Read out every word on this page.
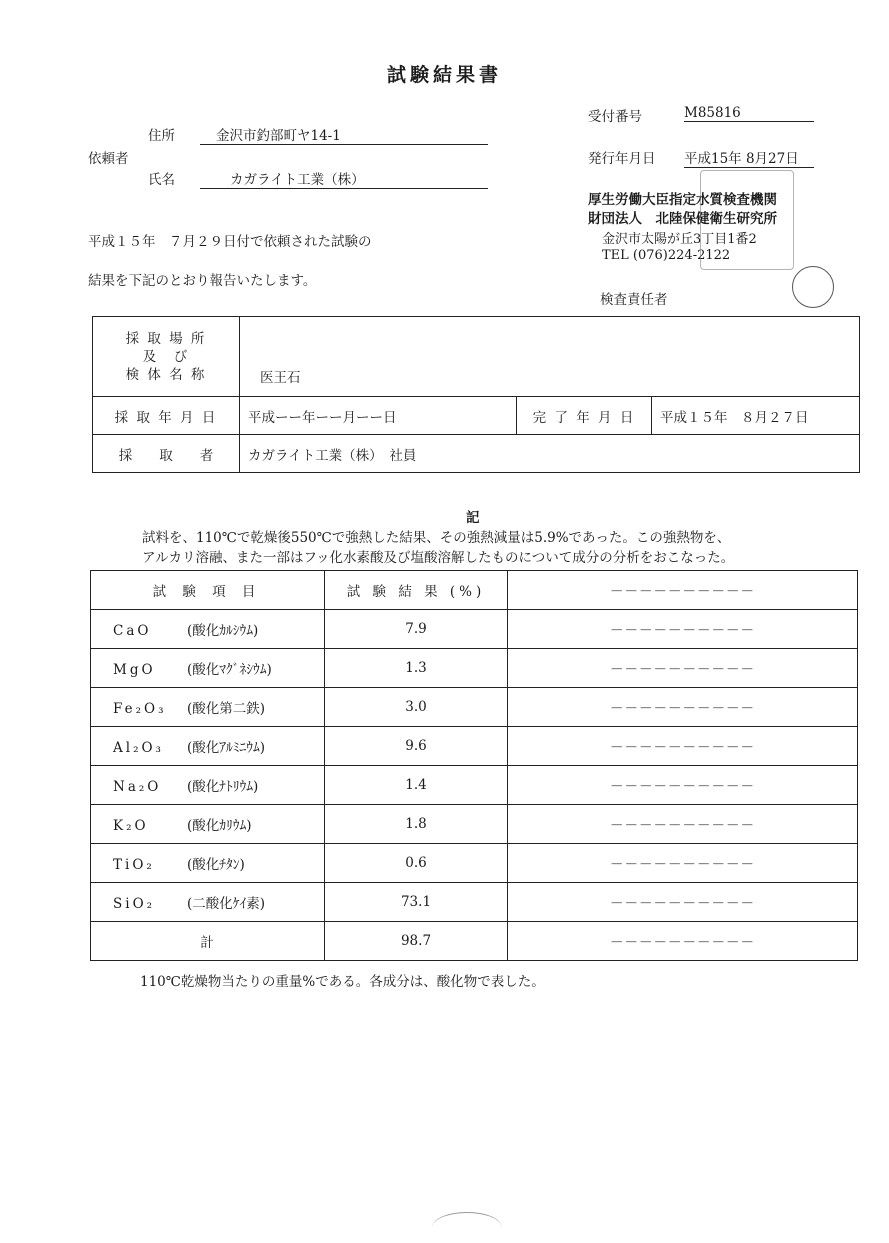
試験結果書
住所	金沢市釣部町ヤ14-1
依頼者
氏名	カガライト工業（株）
受付番号	M85816
発行年月日 平成15年 8月27日
厚生労働大臣指定水質検査機関
財団法人　北陸保健衛生研究所
金沢市太陽が丘3丁目1番2
TEL (076)224-2122
検査責任者
平成１５年　７月２９日付で依頼された試験の
結果を下記のとおり報告いたします。
採 取 場 所
及　び
検 体 名 称	医王石		
採 取 年 月 日	平成ーー年ーー月ーー日	完 了 年 月 日	平成１５年　８月２７日
採　　取　　者	カガライト工業（株）　社員		
記
試料を、110℃で乾燥後550℃で強熱した結果、その強熱減量は5.9%であった。この強熱物を、
アルカリ溶融、また一部はフッ化水素酸及び塩酸溶解したものについて成分の分析をおこなった。
試 験 項 目	試 験 結 果 (%)	－－－－－－－－－－
CaO (酸化ｶﾙｼｳﾑ)	7.9	－－－－－－－－－－
MgO (酸化ﾏｸﾞﾈｼｳﾑ)	1.3	－－－－－－－－－－
Fe₂O₃ (酸化第二鉄)	3.0	－－－－－－－－－－
Al₂O₃ (酸化ｱﾙﾐﾆｳﾑ)	9.6	－－－－－－－－－－
Na₂O (酸化ﾅﾄﾘｳﾑ)	1.4	－－－－－－－－－－
K₂O (酸化ｶﾘｳﾑ)	1.8	－－－－－－－－－－
TiO₂ (酸化ﾁﾀﾝ)	0.6	－－－－－－－－－－
SiO₂ (二酸化ｹｲ素)	73.1	－－－－－－－－－－
計	98.7	－－－－－－－－－－
110℃乾燥物当たりの重量%である。各成分は、酸化物で表した。
